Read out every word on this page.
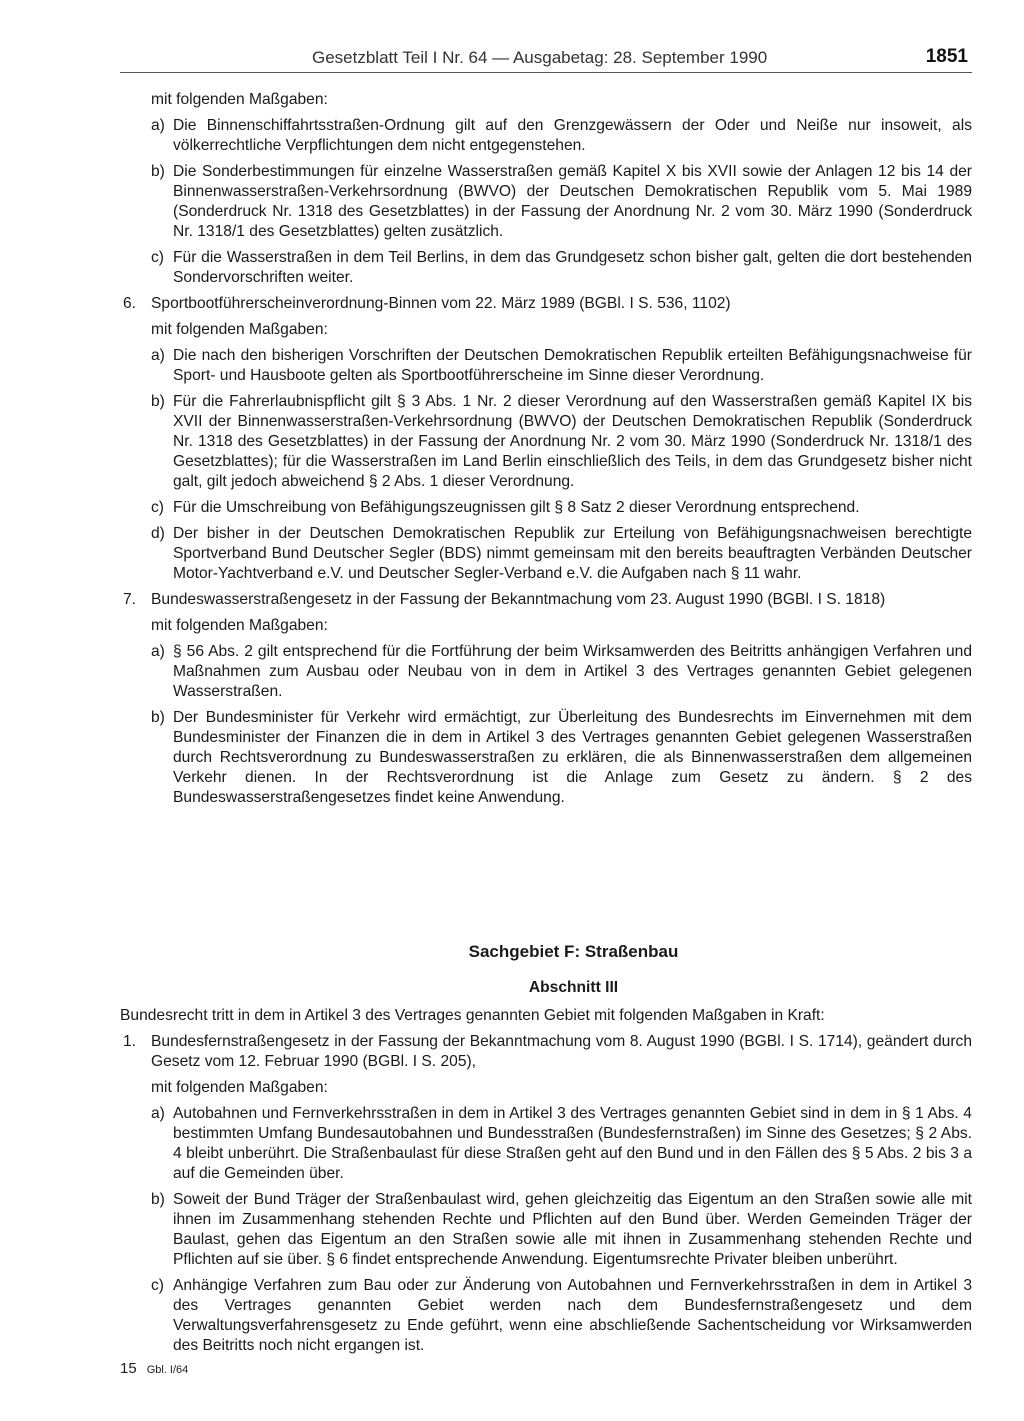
Gesetzblatt Teil I Nr. 64 — Ausgabetag: 28. September 1990	1851

mit folgenden Maßgaben:

a) Die Binnenschiffahrtsstraßen-Ordnung gilt auf den Grenzgewässern der Oder und Neiße nur insoweit, als völkerrechtliche Verpflichtungen dem nicht entgegenstehen.
b) Die Sonderbestimmungen für einzelne Wasserstraßen gemäß Kapitel X bis XVII sowie der Anlagen 12 bis 14 der Binnenwasserstraßen-Verkehrsordnung (BWVO) der Deutschen Demokratischen Republik vom 5. Mai 1989 (Sonderdruck Nr. 1318 des Gesetzblattes) in der Fassung der Anordnung Nr. 2 vom 30. März 1990 (Sonderdruck Nr. 1318/1 des Gesetzblattes) gelten zusätzlich.
c) Für die Wasserstraßen in dem Teil Berlins, in dem das Grundgesetz schon bisher galt, gelten die dort bestehenden Sondervorschriften weiter.
6. Sportbootführerscheinverordnung-Binnen vom 22. März 1989 (BGBl. I S. 536, 1102)

mit folgenden Maßgaben:

a) Die nach den bisherigen Vorschriften der Deutschen Demokratischen Republik erteilten Befähigungsnachweise für Sport- und Hausboote gelten als Sportbootführerscheine im Sinne dieser Verordnung.
b) Für die Fahrerlaubnispflicht gilt § 3 Abs. 1 Nr. 2 dieser Verordnung auf den Wasserstraßen gemäß Kapitel IX bis XVII der Binnenwasserstraßen-Verkehrsordnung (BWVO) der Deutschen Demokratischen Republik (Sonderdruck Nr. 1318 des Gesetzblattes) in der Fassung der Anordnung Nr. 2 vom 30. März 1990 (Sonderdruck Nr. 1318/1 des Gesetzblattes); für die Wasserstraßen im Land Berlin einschließlich des Teils, in dem das Grundgesetz bisher nicht galt, gilt jedoch abweichend § 2 Abs. 1 dieser Verordnung.
c) Für die Umschreibung von Befähigungszeugnissen gilt § 8 Satz 2 dieser Verordnung entsprechend.
d) Der bisher in der Deutschen Demokratischen Republik zur Erteilung von Befähigungsnachweisen berechtigte Sportverband Bund Deutscher Segler (BDS) nimmt gemeinsam mit den bereits beauftragten Verbänden Deutscher Motor-Yachtverband e.V. und Deutscher Segler-Verband e.V. die Aufgaben nach § 11 wahr.
7. Bundeswasserstraßengesetz in der Fassung der Bekanntmachung vom 23. August 1990 (BGBl. I S. 1818)

mit folgenden Maßgaben:

a) § 56 Abs. 2 gilt entsprechend für die Fortführung der beim Wirksamwerden des Beitritts anhängigen Verfahren und Maßnahmen zum Ausbau oder Neubau von in dem in Artikel 3 des Vertrages genannten Gebiet gelegenen Wasserstraßen.
b) Der Bundesminister für Verkehr wird ermächtigt, zur Überleitung des Bundesrechts im Einvernehmen mit dem Bundesminister der Finanzen die in dem in Artikel 3 des Vertrages genannten Gebiet gelegenen Wasserstraßen durch Rechtsverordnung zu Bundeswasserstraßen zu erklären, die als Binnenwasserstraßen dem allgemeinen Verkehr dienen. In der Rechtsverordnung ist die Anlage zum Gesetz zu ändern. § 2 des Bundeswasserstraßengesetzes findet keine Anwendung.
Sachgebiet F: Straßenbau
Abschnitt III

Bundesrecht tritt in dem in Artikel 3 des Vertrages genannten Gebiet mit folgenden Maßgaben in Kraft:

1. Bundesfernstraßengesetz in der Fassung der Bekanntmachung vom 8. August 1990 (BGBl. I S. 1714), geändert durch Gesetz vom 12. Februar 1990 (BGBl. I S. 205),

mit folgenden Maßgaben:

a) Autobahnen und Fernverkehrsstraßen in dem in Artikel 3 des Vertrages genannten Gebiet sind in dem in § 1 Abs. 4 bestimmten Umfang Bundesautobahnen und Bundesstraßen (Bundesfernstraßen) im Sinne des Gesetzes; § 2 Abs. 4 bleibt unberührt. Die Straßenbaulast für diese Straßen geht auf den Bund und in den Fällen des § 5 Abs. 2 bis 3 a auf die Gemeinden über.
b) Soweit der Bund Träger der Straßenbaulast wird, gehen gleichzeitig das Eigentum an den Straßen sowie alle mit ihnen im Zusammenhang stehenden Rechte und Pflichten auf den Bund über. Werden Gemeinden Träger der Baulast, gehen das Eigentum an den Straßen sowie alle mit ihnen in Zusammenhang stehenden Rechte und Pflichten auf sie über. § 6 findet entsprechende Anwendung. Eigentumsrechte Privater bleiben unberührt.
c) Anhängige Verfahren zum Bau oder zur Änderung von Autobahnen und Fernverkehrsstraßen in dem in Artikel 3 des Vertrages genannten Gebiet werden nach dem Bundesfernstraßengesetz und dem Verwaltungsverfahrensgesetz zu Ende geführt, wenn eine abschließende Sachentscheidung vor Wirksamwerden des Beitritts noch nicht ergangen ist.
15 Gbl. I/64
